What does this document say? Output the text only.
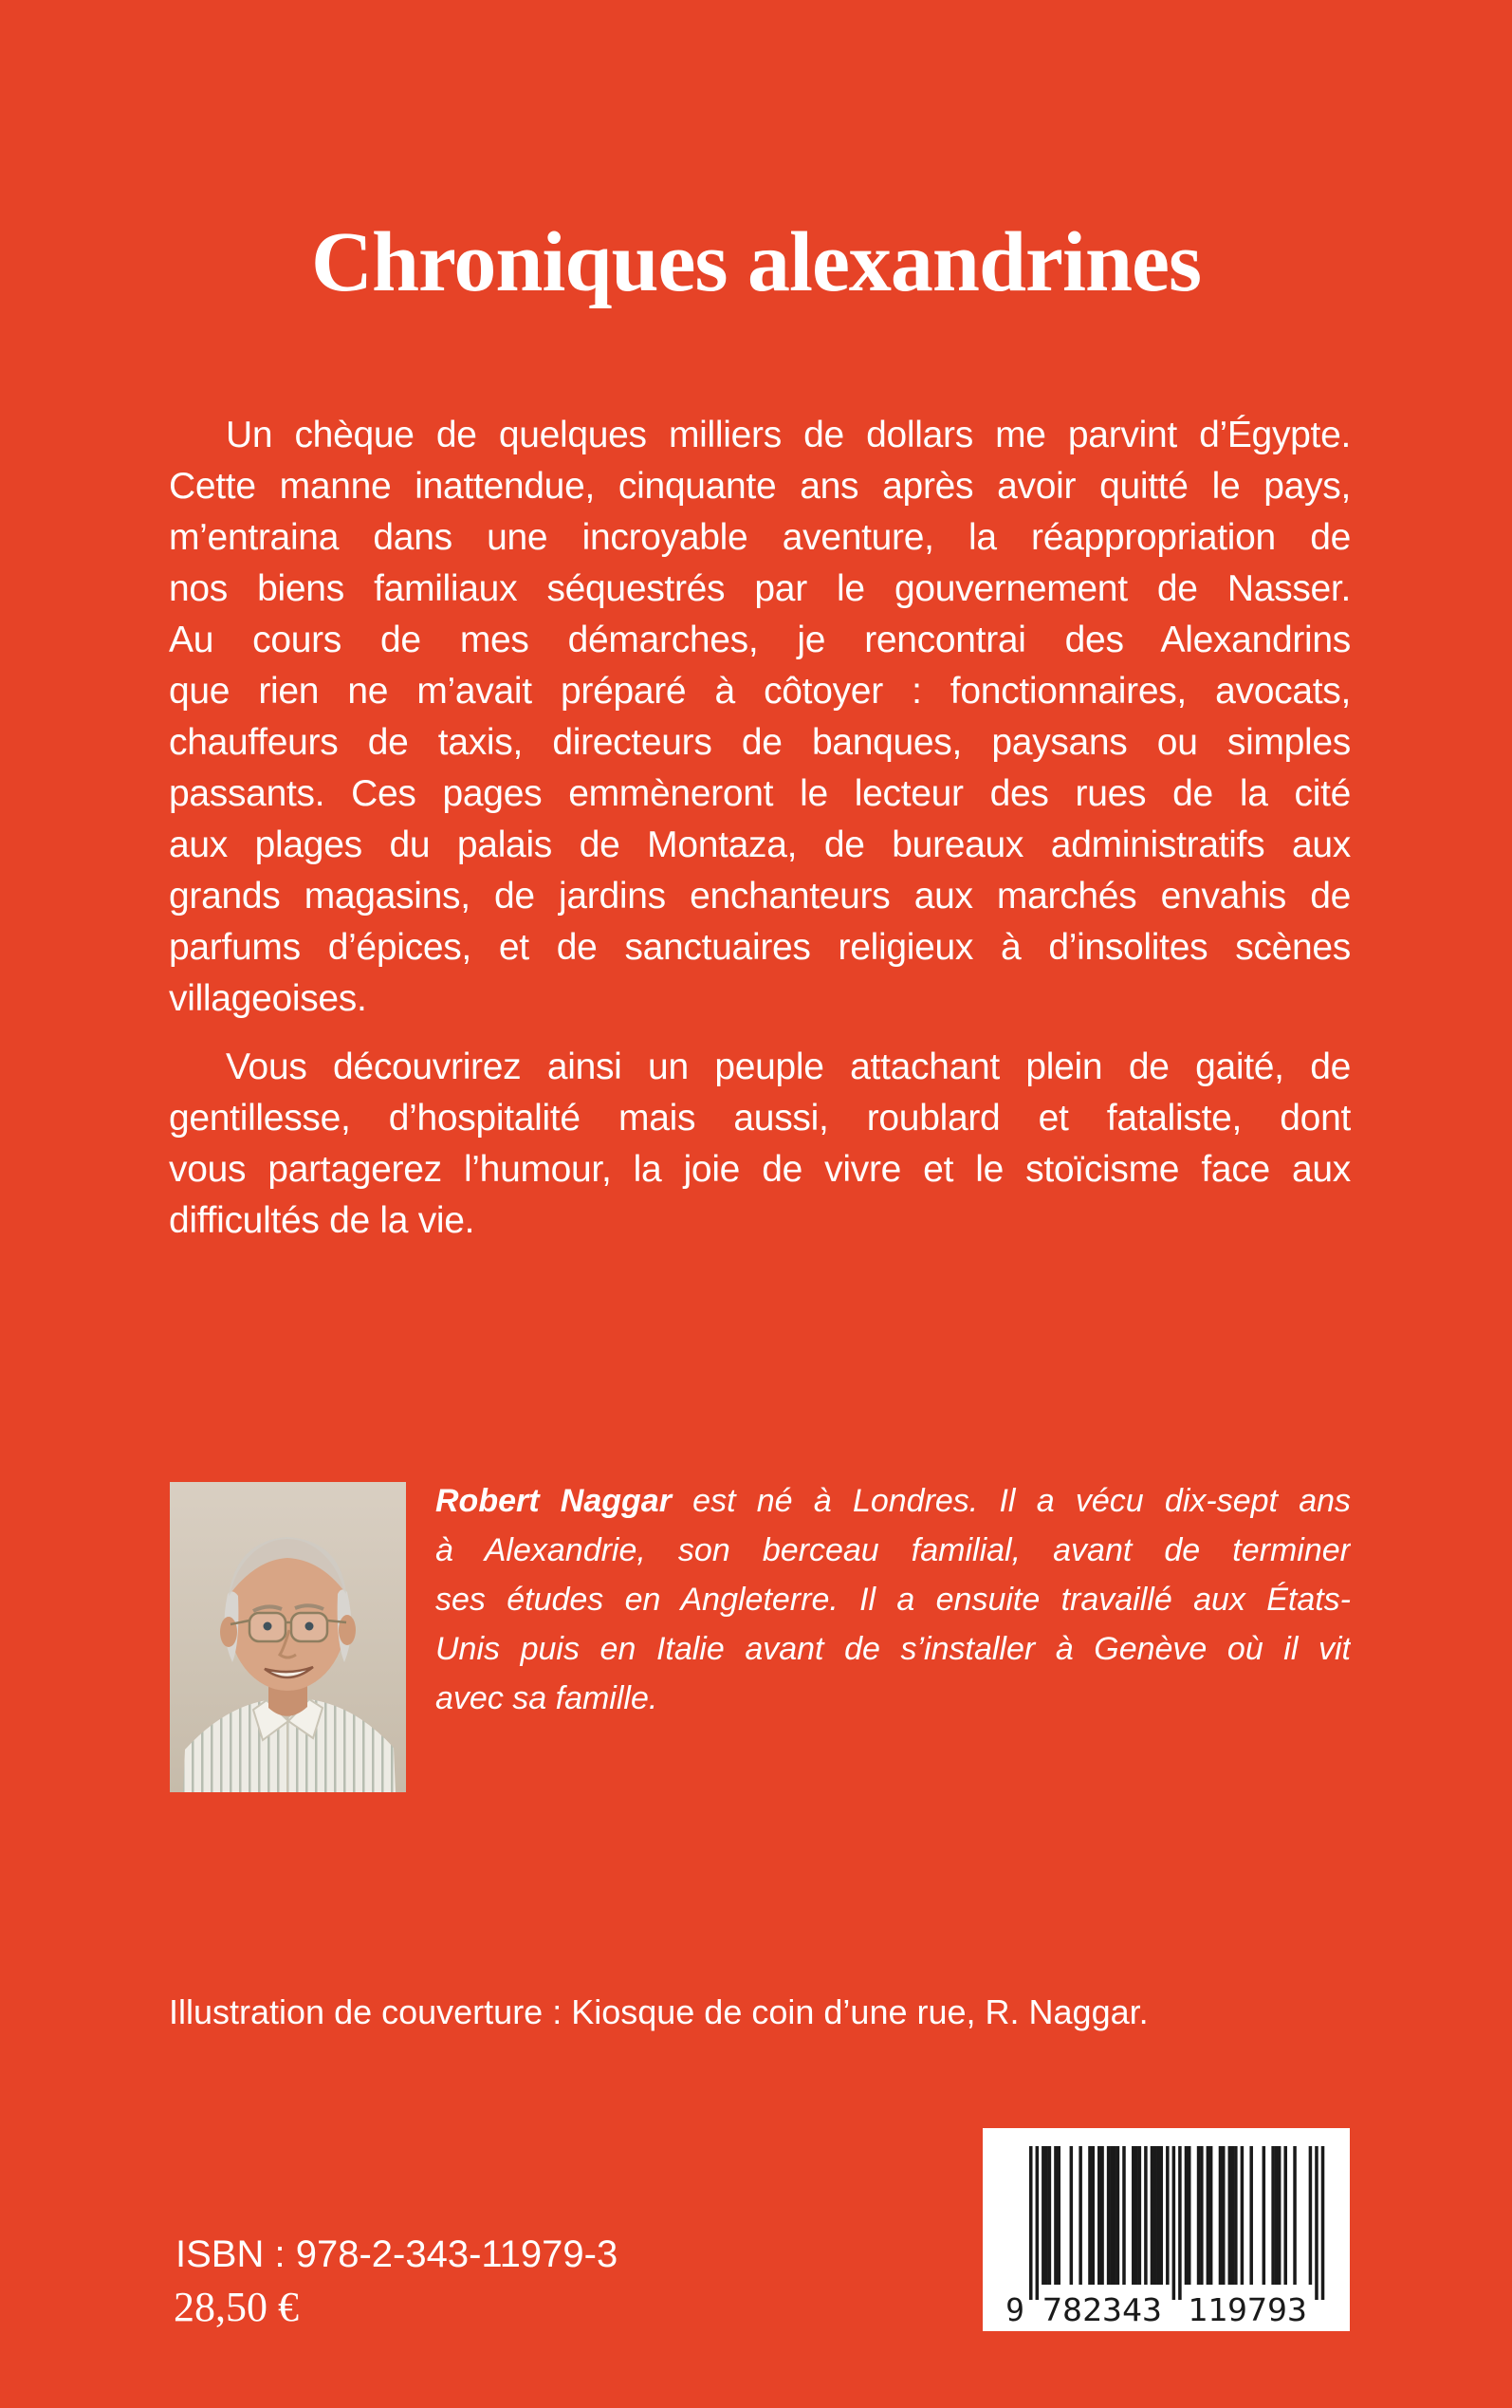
Chroniques alexandrines
Un chèque de quelques milliers de dollars me parvint d’Égypte.
Cette manne inattendue, cinquante ans après avoir quitté le pays,
m’entraina dans une incroyable aventure, la réappropriation de
nos biens familiaux séquestrés par le gouvernement de Nasser.
Au cours de mes démarches, je rencontrai des Alexandrins
que rien ne m’avait préparé à côtoyer : fonctionnaires, avocats,
chauffeurs de taxis, directeurs de banques, paysans ou simples
passants. Ces pages emmèneront le lecteur des rues de la cité
aux plages du palais de Montaza, de bureaux administratifs aux
grands magasins, de jardins enchanteurs aux marchés envahis de
parfums d’épices, et de sanctuaires religieux à d’insolites scènes
villageoises.
Vous découvrirez ainsi un peuple attachant plein de gaité, de
gentillesse, d’hospitalité mais aussi, roublard et fataliste, dont
vous partagerez l’humour, la joie de vivre et le stoïcisme face aux
difficultés de la vie.
Robert Naggar est né à Londres. Il a vécu dix-sept ans
à Alexandrie, son berceau familial, avant de terminer
ses études en Angleterre. Il a ensuite travaillé aux États-
Unis puis en Italie avant de s’installer à Genève où il vit
avec sa famille.
Illustration de couverture : Kiosque de coin d’une rue, R. Naggar.
ISBN : 978-2-343-11979-3
28,50 €	9 782343 119793
